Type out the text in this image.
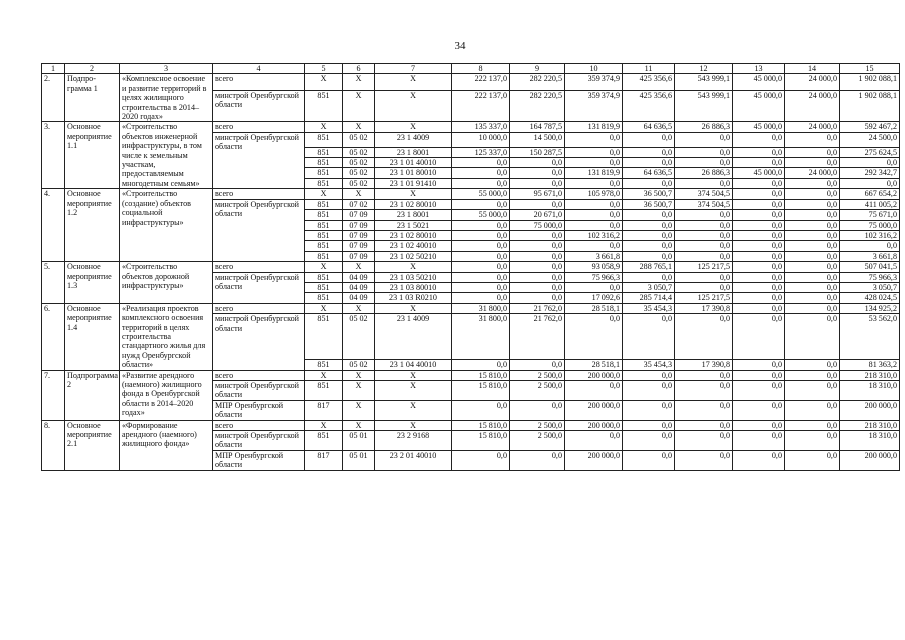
34
1	2	3	4	5	6	7	8	9	10	11	12	13	14	15
2.	Подпро-грамма 1	«Комплексное освоение и развитие территорий в целях жилищного строительства в 2014–2020 годах»	всего	X	X	X	222 137,0	282 220,5	359 374,9	425 356,6	543 999,1	45 000,0	24 000,0	1 902 088,1
			минстрой Оренбургской области	851	X	X	222 137,0	282 220,5	359 374,9	425 356,6	543 999,1	45 000,0	24 000,0	1 902 088,1
3.	Основное мероприятие 1.1	«Строительство объектов инженерной инфраструктуры, в том числе к земельным участкам, предоставляемым многодетным семьям»	всего	X	X	X	135 337,0	164 787,5	131 819,9	64 636,5	26 886,3	45 000,0	24 000,0	592 467,2
			минстрой Оренбургской области	851	05 02	23 1 4009	10 000,0	14 500,0	0,0	0,0	0,0	0,0	0,0	24 500,0
				851	05 02	23 1 8001	125 337,0	150 287,5	0,0	0,0	0,0	0,0	0,0	275 624,5
				851	05 02	23 1 01 40010	0,0	0,0	0,0	0,0	0,0	0,0	0,0	0,0
				851	05 02	23 1 01 80010	0,0	0,0	131 819,9	64 636,5	26 886,3	45 000,0	24 000,0	292 342,7
				851	05 02	23 1 01 91410	0,0	0,0	0,0	0,0	0,0	0,0	0,0	0,0
4.	Основное мероприятие 1.2	«Строительство (создание) объектов социальной инфраструктуры»	всего	X	X	X	55 000,0	95 671,0	105 978,0	36 500,7	374 504,5	0,0	0,0	667 654,2
			минстрой Оренбургской области	851	07 02	23 1 02 80010	0,0	0,0	0,0	36 500,7	374 504,5	0,0	0,0	411 005,2
				851	07 09	23 1 8001	55 000,0	20 671,0	0,0	0,0	0,0	0,0	0,0	75 671,0
				851	07 09	23 1 5021	0,0	75 000,0	0,0	0,0	0,0	0,0	0,0	75 000,0
				851	07 09	23 1 02 80010	0,0	0,0	102 316,2	0,0	0,0	0,0	0,0	102 316,2
				851	07 09	23 1 02 40010	0,0	0,0	0,0	0,0	0,0	0,0	0,0	0,0
				851	07 09	23 1 02 50210	0,0	0,0	3 661,8	0,0	0,0	0,0	0,0	3 661,8
5.	Основное мероприятие 1.3	«Строительство объектов дорожной инфраструктуры»	всего	X	X	X	0,0	0,0	93 058,9	288 765,1	125 217,5	0,0	0,0	507 041,5
			минстрой Оренбургской области	851	04 09	23 1 03 50210	0,0	0,0	75 966,3	0,0	0,0	0,0	0,0	75 966,3
				851	04 09	23 1 03 80010	0,0	0,0	0,0	3 050,7	0,0	0,0	0,0	3 050,7
				851	04 09	23 1 03 R0210	0,0	0,0	17 092,6	285 714,4	125 217,5	0,0	0,0	428 024,5
6.	Основное мероприятие 1.4	«Реализация проектов комплексного освоения территорий в целях строительства стандартного жилья для нужд Оренбургской области»	всего	X	X	X	31 800,0	21 762,0	28 518,1	35 454,3	17 390,8	0,0	0,0	134 925,2
			минстрой Оренбургской области	851	05 02	23 1 4009	31 800,0	21 762,0	0,0	0,0	0,0	0,0	0,0	53 562,0
				851	05 02	23 1 04 40010	0,0	0,0	28 518,1	35 454,3	17 390,8	0,0	0,0	81 363,2
7.	Подпрограмма 2	«Развитие арендного (наемного) жилищного фонда в Оренбургской области в 2014–2020 годах»	всего	X	X	X	15 810,0	2 500,0	200 000,0	0,0	0,0	0,0	0,0	218 310,0
			минстрой Оренбургской области	851	X	X	15 810,0	2 500,0	0,0	0,0	0,0	0,0	0,0	18 310,0
			МПР Оренбургской области	817	X	X	0,0	0,0	200 000,0	0,0	0,0	0,0	0,0	200 000,0
8.	Основное мероприятие 2.1	«Формирование арендного (наемного) жилищного фонда»	всего	X	X	X	15 810,0	2 500,0	200 000,0	0,0	0,0	0,0	0,0	218 310,0
			минстрой Оренбургской области	851	05 01	23 2 9168	15 810,0	2 500,0	0,0	0,0	0,0	0,0	0,0	18 310,0
			МПР Оренбургской области	817	05 01	23 2 01 40010	0,0	0,0	200 000,0	0,0	0,0	0,0	0,0	200 000,0
